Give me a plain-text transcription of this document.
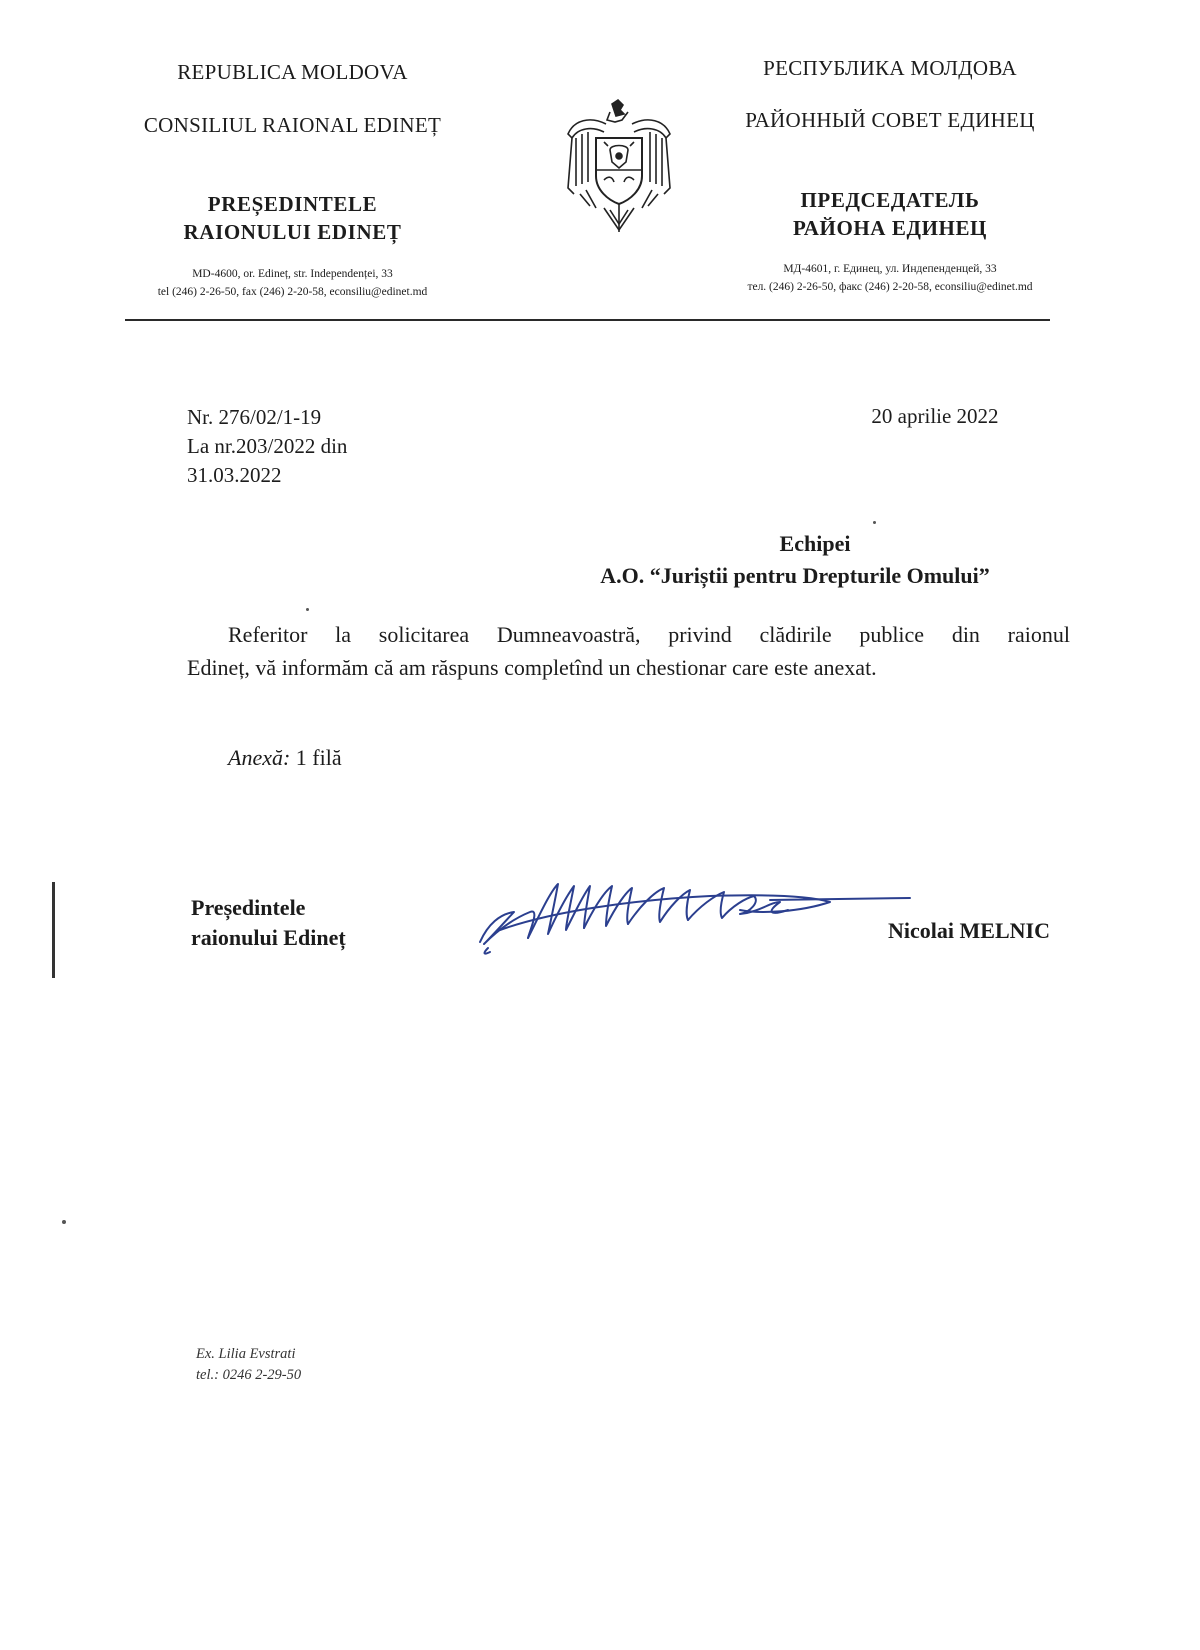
REPUBLICA MOLDOVA
CONSILIUL RAIONAL EDINEȚ
PREȘEDINTELE
RAIONULUI EDINEȚ
MD-4600, or. Edineț, str. Independenței, 33
tel (246) 2-26-50, fax (246) 2-20-58, econsiliu@edinet.md
РЕСПУБЛИКА МОЛДОВА
РАЙОННЫЙ СОВЕТ ЕДИНЕЦ
ПРЕДСЕДАТЕЛЬ
РАЙОНА ЕДИНЕЦ
МД-4601, г. Единец, ул. Индепенденцей, 33
тел. (246) 2-26-50, факс (246) 2-20-58, econsiliu@edinet.md
Nr. 276/02/1-19
La nr.203/2022 din
31.03.2022
20 aprilie 2022
Echipei
A.O. “Juriștii pentru Drepturile Omului”
Referitor la solicitarea Dumneavoastră, privind clădirile publice din raionul
Edineț, vă informăm că am răspuns completînd un chestionar care este anexat.
Anexă: 1 filă
Președintele
raionului Edineț	Nicolai MELNIC
Ex. Lilia Evstrati
tel.: 0246 2-29-50
